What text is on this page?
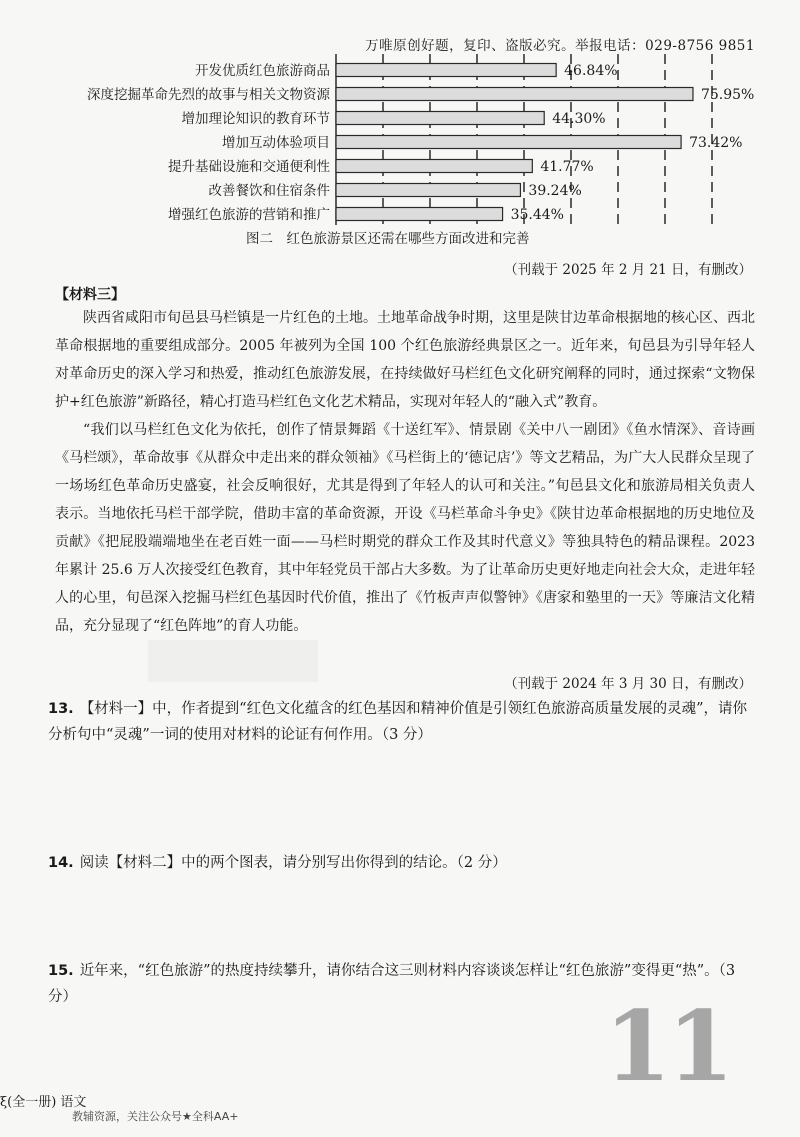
万唯原创好题，复印、盗版必究。举报电话：029-8756 9851
开发优质红色旅游商品
深度挖掘革命先烈的故事与相关文物资源
增加理论知识的教育环节
增加互动体验项目
提升基础设施和交通便利性
改善餐饮和住宿条件
增强红色旅游的营销和推广
46.84%
75.95%
44.30%
73.42%
41.77%
39.24%
35.44%
图二　红色旅游景区还需在哪些方面改进和完善
（刊载于 2025 年 2 月 21 日，有删改）
【材料三】

陕西省咸阳市旬邑县马栏镇是一片红色的土地。土地革命战争时期，这里是陕甘边革命根据地的核心区、西北革命根据地的重要组成部分。2005 年被列为全国 100 个红色旅游经典景区之一。近年来，旬邑县为引导年轻人对革命历史的深入学习和热爱，推动红色旅游发展，在持续做好马栏红色文化研究阐释的同时，通过探索“文物保护+红色旅游”新路径，精心打造马栏红色文化艺术精品，实现对年轻人的“融入式”教育。

“我们以马栏红色文化为依托，创作了情景舞蹈《十送红军》、情景剧《关中八一剧团》《鱼水情深》、音诗画《马栏颂》，革命故事《从群众中走出来的群众领袖》《马栏街上的‘德记店’》等文艺精品，为广大人民群众呈现了一场场红色革命历史盛宴，社会反响很好，尤其是得到了年轻人的认可和关注。”旬邑县文化和旅游局相关负责人表示。当地依托马栏干部学院，借助丰富的革命资源，开设《马栏革命斗争史》《陕甘边革命根据地的历史地位及贡献》《把屁股端端地坐在老百姓一面——马栏时期党的群众工作及其时代意义》等独具特色的精品课程。2023 年累计 25.6 万人次接受红色教育，其中年轻党员干部占大多数。为了让革命历史更好地走向社会大众，走进年轻人的心里，旬邑深入挖掘马栏红色基因时代价值，推出了《竹板声声似警钟》《唐家和塾里的一天》等廉洁文化精品，充分显现了“红色阵地”的育人功能。

（刊载于 2024 年 3 月 30 日，有删改）
13. 【材料一】中，作者提到“红色文化蕴含的红色基因和精神价值是引领红色旅游高质量发展的灵魂”，请你分析句中“灵魂”一词的使用对材料的论证有何作用。（3 分）
14. 阅读【材料二】中的两个图表，请分别写出你得到的结论。（2 分）
15. 近年来，“红色旅游”的热度持续攀升，请你结合这三则材料内容谈谈怎样让“红色旅游”变得更“热”。（3 分）	11
ξ(全一册) 语文
教辅资源，关注公众号★全科AA+
